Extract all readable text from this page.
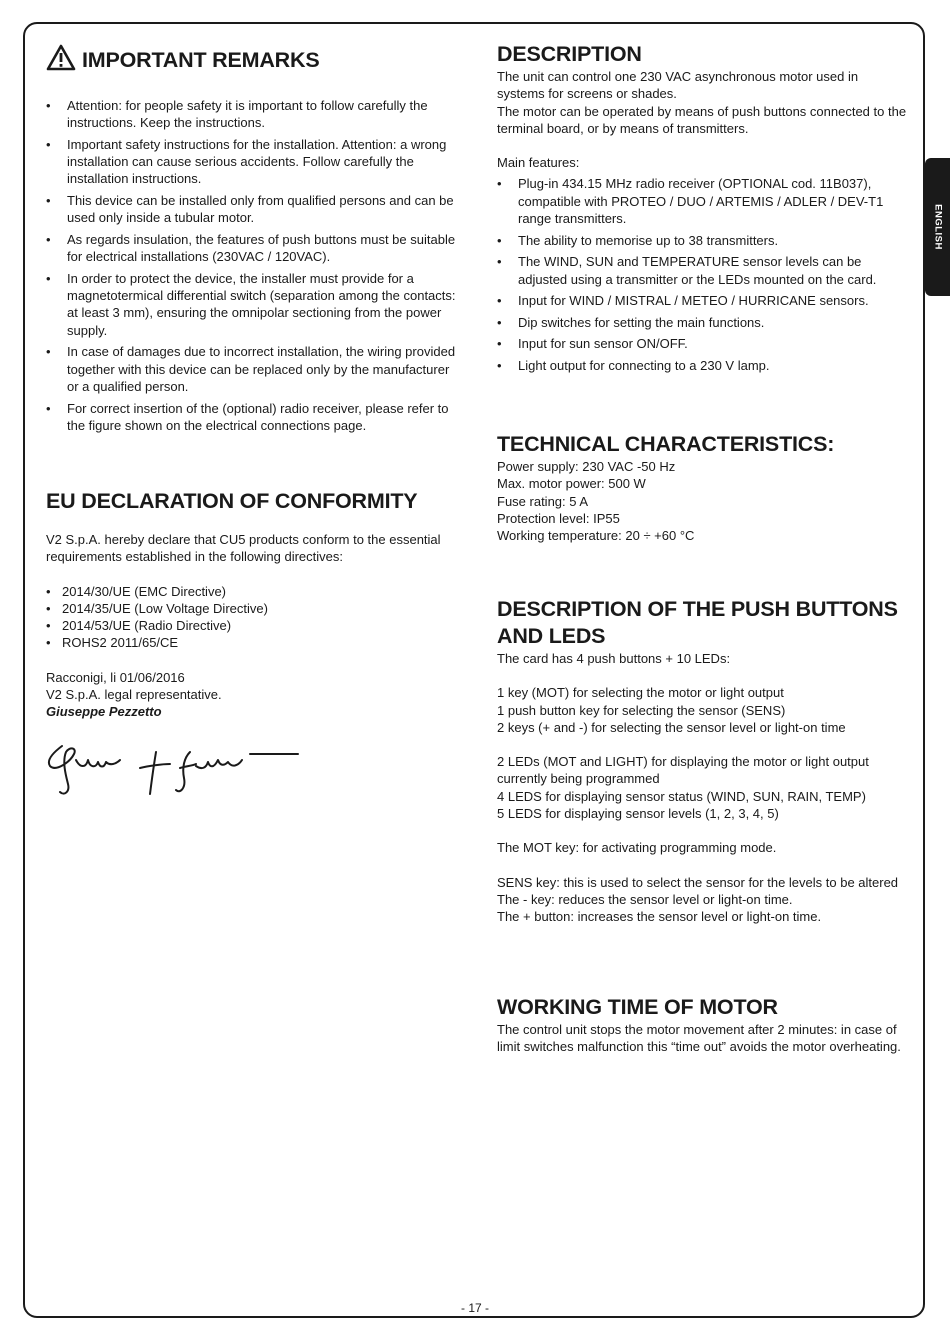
ENGLISH
IMPORTANT REMARKS
• Attention: for people safety it is important to follow carefully the instructions. Keep the instructions.
• Important safety instructions for the installation. Attention: a wrong installation can cause serious accidents. Follow carefully the installation instructions.
• This device can be installed only from qualified persons and can be used only inside a tubular motor.
• As regards insulation, the features of push buttons must be suitable for electrical installations (230VAC / 120VAC).
• In order to protect the device, the installer must provide for a magnetotermical differential switch (separation among the contacts: at least 3 mm), ensuring the omnipolar sectioning from the power supply.
• In case of damages due to incorrect installation, the wiring provided together with this device can be replaced only by the manufacturer or a qualified person.
• For correct insertion of the (optional) radio receiver, please refer to the figure shown on the electrical connections page.
EU DECLARATION OF CONFORMITY

V2 S.p.A. hereby declare that CU5 products conform to the essential requirements established in the following directives:

• 2014/30/UE (EMC Directive)
• 2014/35/UE (Low Voltage Directive)
• 2014/53/UE (Radio Directive)
• ROHS2 2011/65/CE

Racconigi, li 01/06/2016

V2 S.p.A. legal representative.

Giuseppe Pezzetto

DESCRIPTION

The unit can control one 230 VAC asynchronous motor used in systems for screens or shades.

The motor can be operated by means of push buttons connected to the terminal board, or by means of transmitters.

Main features:

• Plug-in 434.15 MHz radio receiver (OPTIONAL cod. 11B037), compatible with PROTEO / DUO / ARTEMIS / ADLER / DEV-T1 range transmitters.
• The ability to memorise up to 38 transmitters.
• The WIND, SUN and TEMPERATURE sensor levels can be adjusted using a transmitter or the LEDs mounted on the card.
• Input for WIND / MISTRAL / METEO / HURRICANE sensors.
• Dip switches for setting the main functions.
• Input for sun sensor ON/OFF.
• Light output for connecting to a 230 V lamp.
TECHNICAL CHARACTERISTICS:

Power supply: 230 VAC -50 Hz

Max. motor power: 500 W

Fuse rating: 5 A

Protection level: IP55

Working temperature: 20 ÷ +60 °C

DESCRIPTION OF THE PUSH BUTTONS
AND LEDS

The card has 4 push buttons + 10 LEDs:

1 key (MOT) for selecting the motor or light output

1 push button key for selecting the sensor (SENS)

2 keys (+ and -) for selecting the sensor level or light-on time

2 LEDs (MOT and LIGHT) for displaying the motor or light output currently being programmed

4 LEDS for displaying sensor status (WIND, SUN, RAIN, TEMP)

5 LEDS for displaying sensor levels (1, 2, 3, 4, 5)

The MOT key: for activating programming mode.

SENS key: this is used to select the sensor for the levels to be altered

The - key: reduces the sensor level or light-on time.

The + button: increases the sensor level or light-on time.

WORKING TIME OF MOTOR

The control unit stops the motor movement after 2 minutes: in case of limit switches malfunction this “time out” avoids the motor overheating.

- 17 -
